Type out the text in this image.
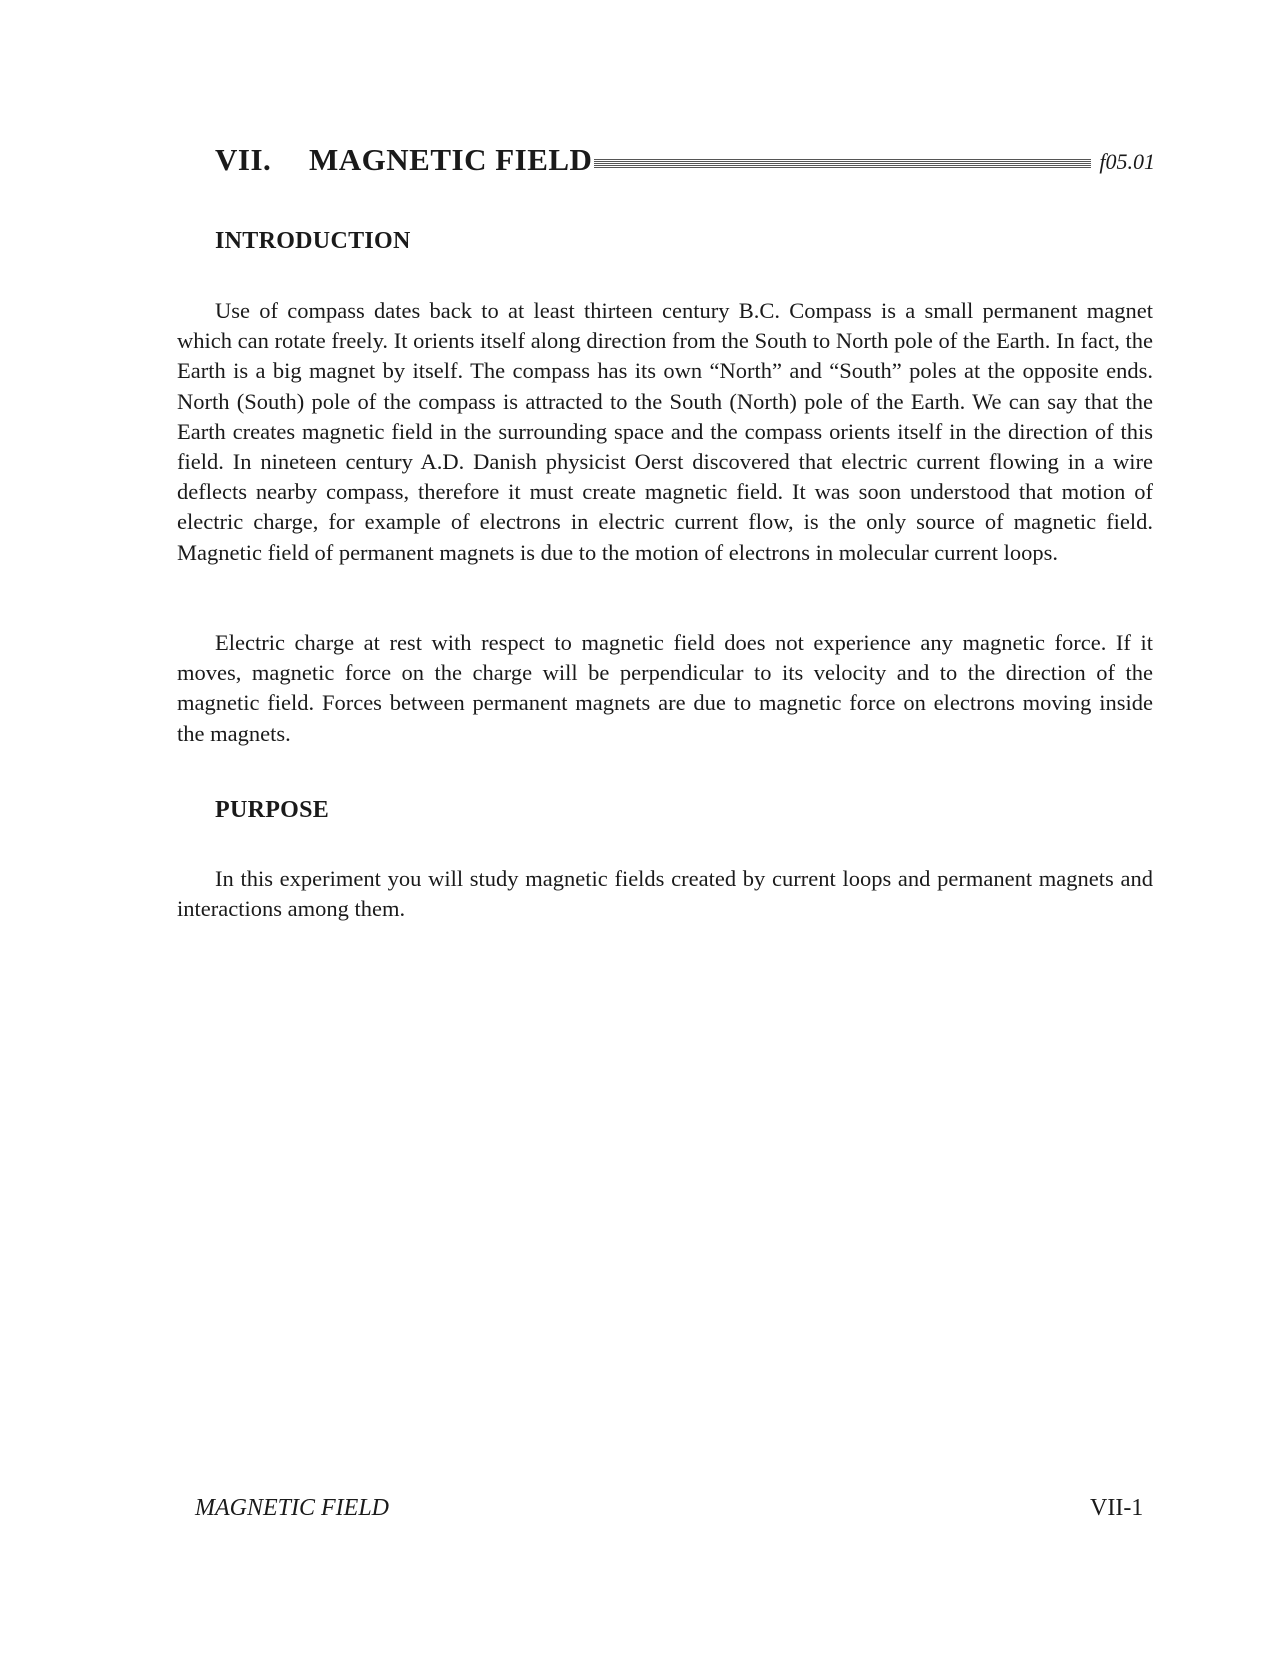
VII.	MAGNETIC FIELD	f05.01
INTRODUCTION

Use of compass dates back to at least thirteen century B.C. Compass is a small permanent magnet which can rotate freely. It orients itself along direction from the South to North pole of the Earth. In fact, the Earth is a big magnet by itself. The compass has its own “North” and “South” poles at the opposite ends. North (South) pole of the compass is attracted to the South (North) pole of the Earth. We can say that the Earth creates magnetic field in the surrounding space and the compass orients itself in the direction of this field. In nineteen century A.D. Danish physicist Oerst discovered that electric current flowing in a wire deflects nearby compass, therefore it must create magnetic field. It was soon understood that motion of electric charge, for example of electrons in electric current flow, is the only source of magnetic field. Magnetic field of permanent magnets is due to the motion of electrons in molecular current loops.

Electric charge at rest with respect to magnetic field does not experience any magnetic force. If it moves, magnetic force on the charge will be perpendicular to its velocity and to the direction of the magnetic field. Forces between permanent magnets are due to magnetic force on electrons moving inside the magnets.

PURPOSE

In this experiment you will study magnetic fields created by current loops and permanent magnets and interactions among them.

MAGNETIC FIELD	VII-1
